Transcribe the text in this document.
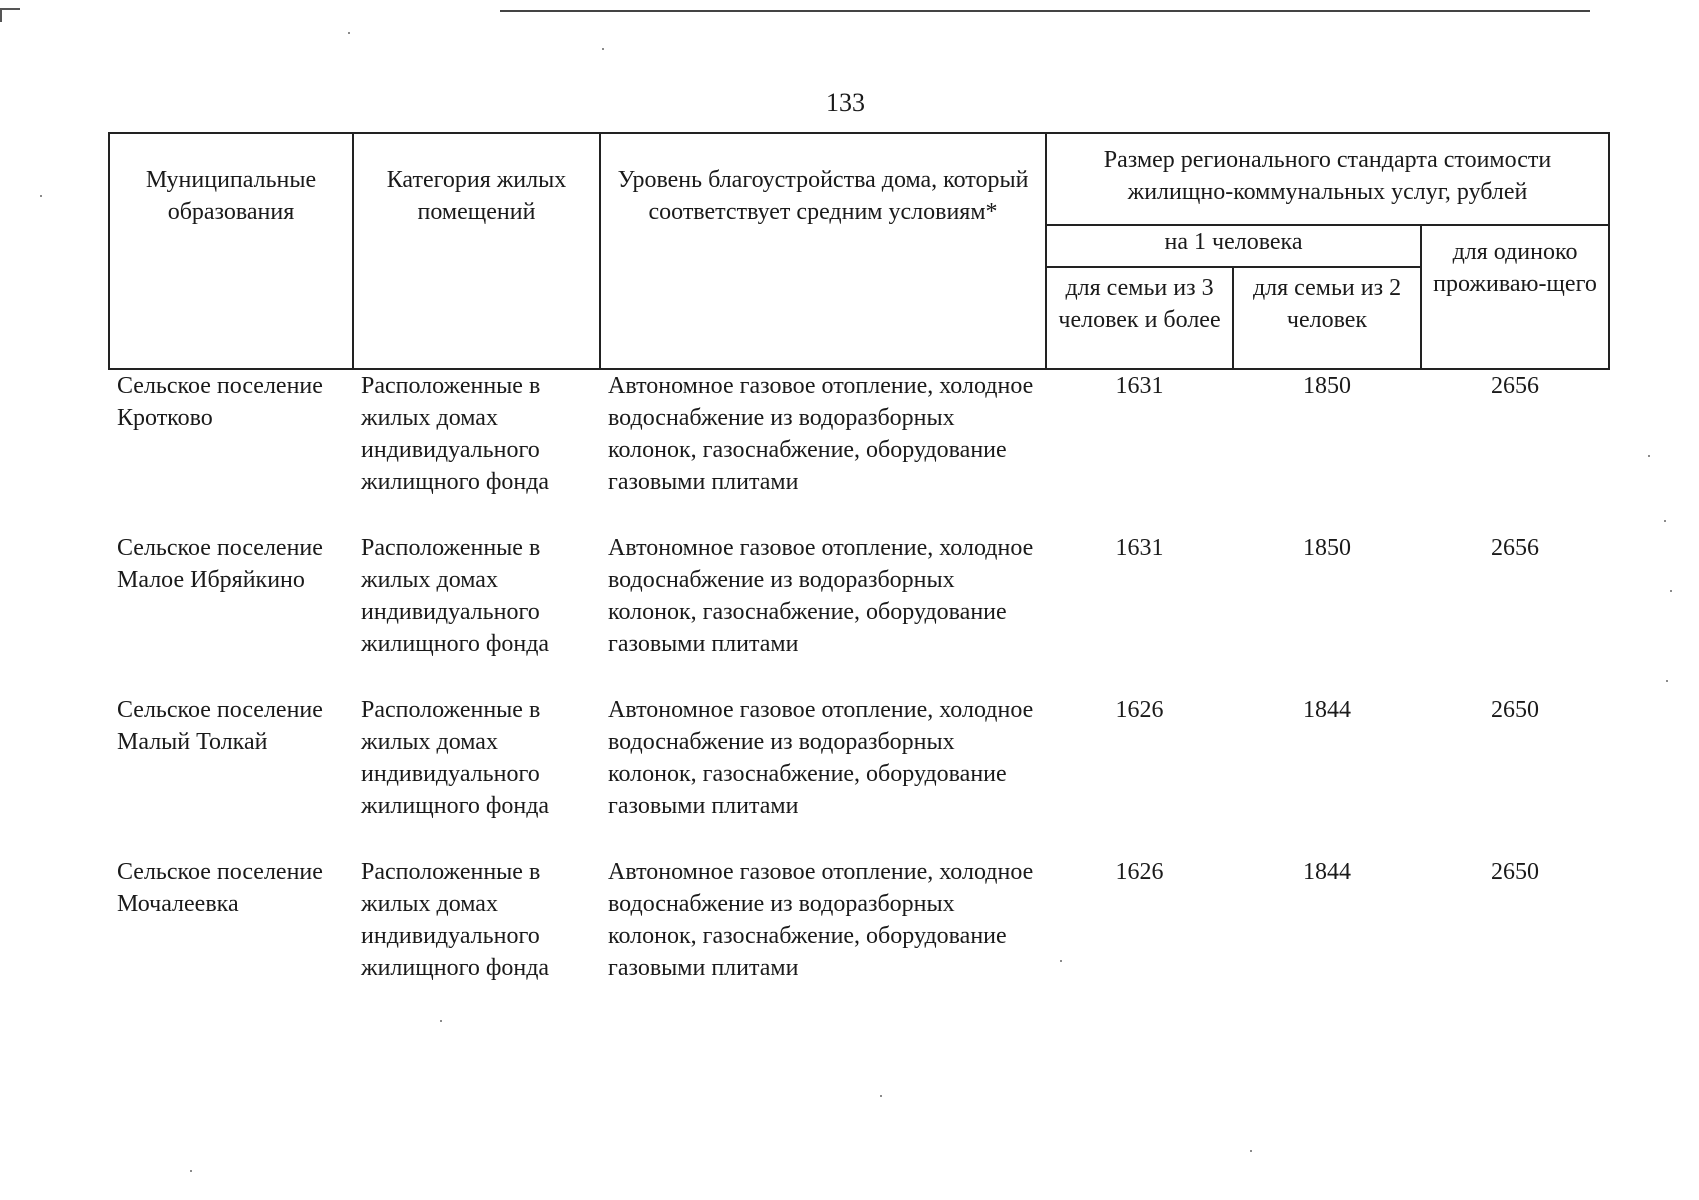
133
Муниципальные образования	Категория жилых помещений	Уровень благоустройства дома, который соответствует средним условиям*	Размер регионального стандарта стоимости жилищно-коммунальных услуг, рублей		
			на 1 человека		для одиноко проживаю-щего
			для семьи из 3 человек и более	для семьи из 2 человек	
Сельское поселение Кротково	Расположенные в жилых домах индивидуального жилищного фонда	Автономное газовое отопление, холодное водоснабжение из водоразборных колонок, газоснабжение, оборудование газовыми плитами	1631	1850	2656
Сельское поселение Малое Ибряйкино	Расположенные в жилых домах индивидуального жилищного фонда	Автономное газовое отопление, холодное водоснабжение из водоразборных колонок, газоснабжение, оборудование газовыми плитами	1631	1850	2656
Сельское поселение Малый Толкай	Расположенные в жилых домах индивидуального жилищного фонда	Автономное газовое отопление, холодное водоснабжение из водоразборных колонок, газоснабжение, оборудование газовыми плитами	1626	1844	2650
Сельское поселение Мочалеевка	Расположенные в жилых домах индивидуального жилищного фонда	Автономное газовое отопление, холодное водоснабжение из водоразборных колонок, газоснабжение, оборудование газовыми плитами	1626	1844	2650
